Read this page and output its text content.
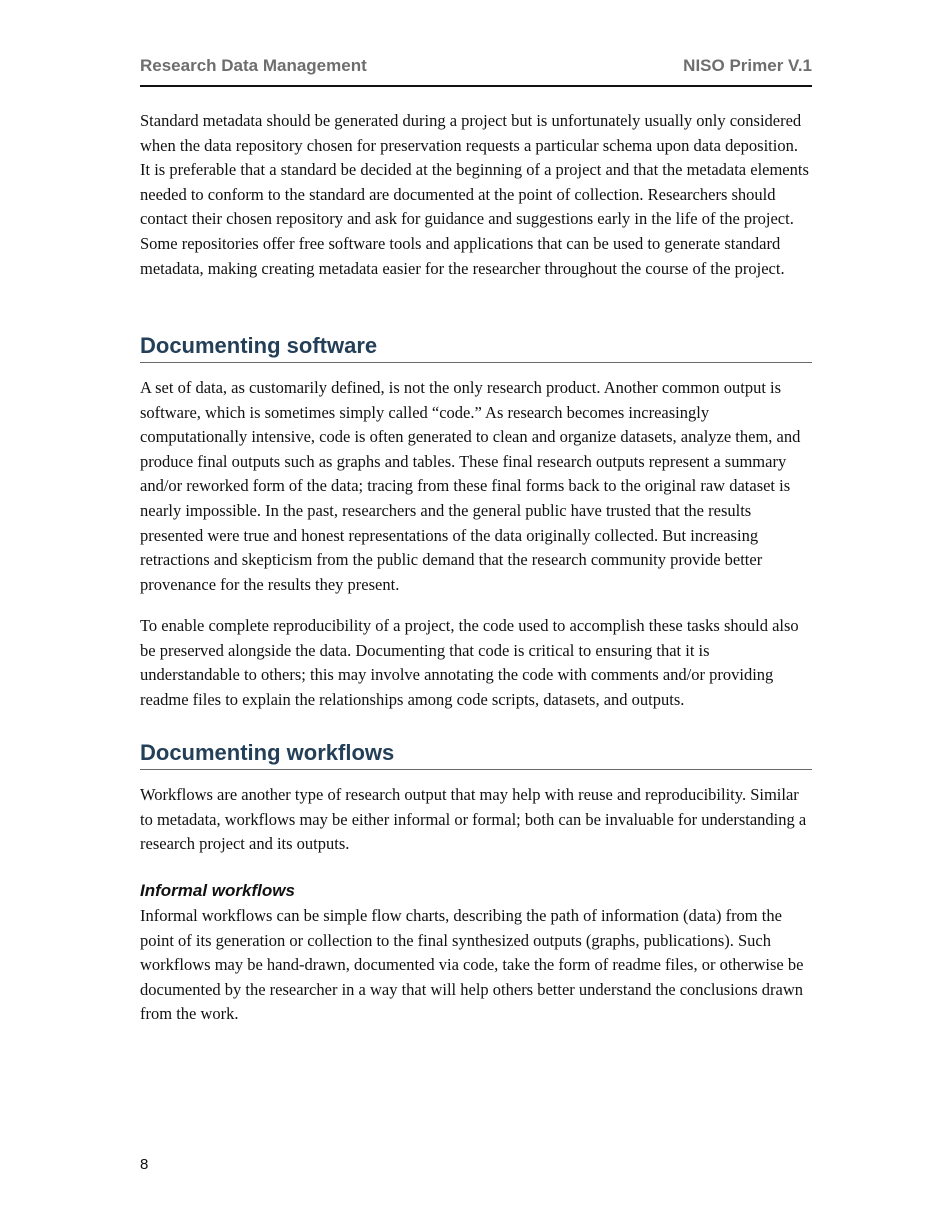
Research Data Management	NISO Primer V.1

Standard metadata should be generated during a project but is unfortunately usually only considered when the data repository chosen for preservation requests a particular schema upon data deposition. It is preferable that a standard be decided at the beginning of a project and that the metadata elements needed to conform to the standard are documented at the point of collection. Researchers should contact their chosen repository and ask for guidance and suggestions early in the life of the project. Some repositories offer free software tools and applications that can be used to generate standard metadata, making creating metadata easier for the researcher throughout the course of the project.

Documenting software

A set of data, as customarily defined, is not the only research product. Another common output is software, which is sometimes simply called “code.” As research becomes increasingly computationally intensive, code is often generated to clean and organize datasets, analyze them, and produce final outputs such as graphs and tables. These final research outputs represent a summary and/or reworked form of the data; tracing from these final forms back to the original raw dataset is nearly impossible. In the past, researchers and the general public have trusted that the results presented were true and honest representations of the data originally collected. But increasing retractions and skepticism from the public demand that the research community provide better provenance for the results they present.

To enable complete reproducibility of a project, the code used to accomplish these tasks should also be preserved alongside the data. Documenting that code is critical to ensuring that it is understandable to others; this may involve annotating the code with comments and/or providing readme files to explain the relationships among code scripts, datasets, and outputs.

Documenting workflows

Workflows are another type of research output that may help with reuse and reproducibility. Similar to metadata, workflows may be either informal or formal; both can be invaluable for understanding a research project and its outputs.

Informal workflows

Informal workflows can be simple flow charts, describing the path of information (data) from the point of its generation or collection to the final synthesized outputs (graphs, publications). Such workflows may be hand-drawn, documented via code, take the form of readme files, or otherwise be documented by the researcher in a way that will help others better understand the conclusions drawn from the work.

8
